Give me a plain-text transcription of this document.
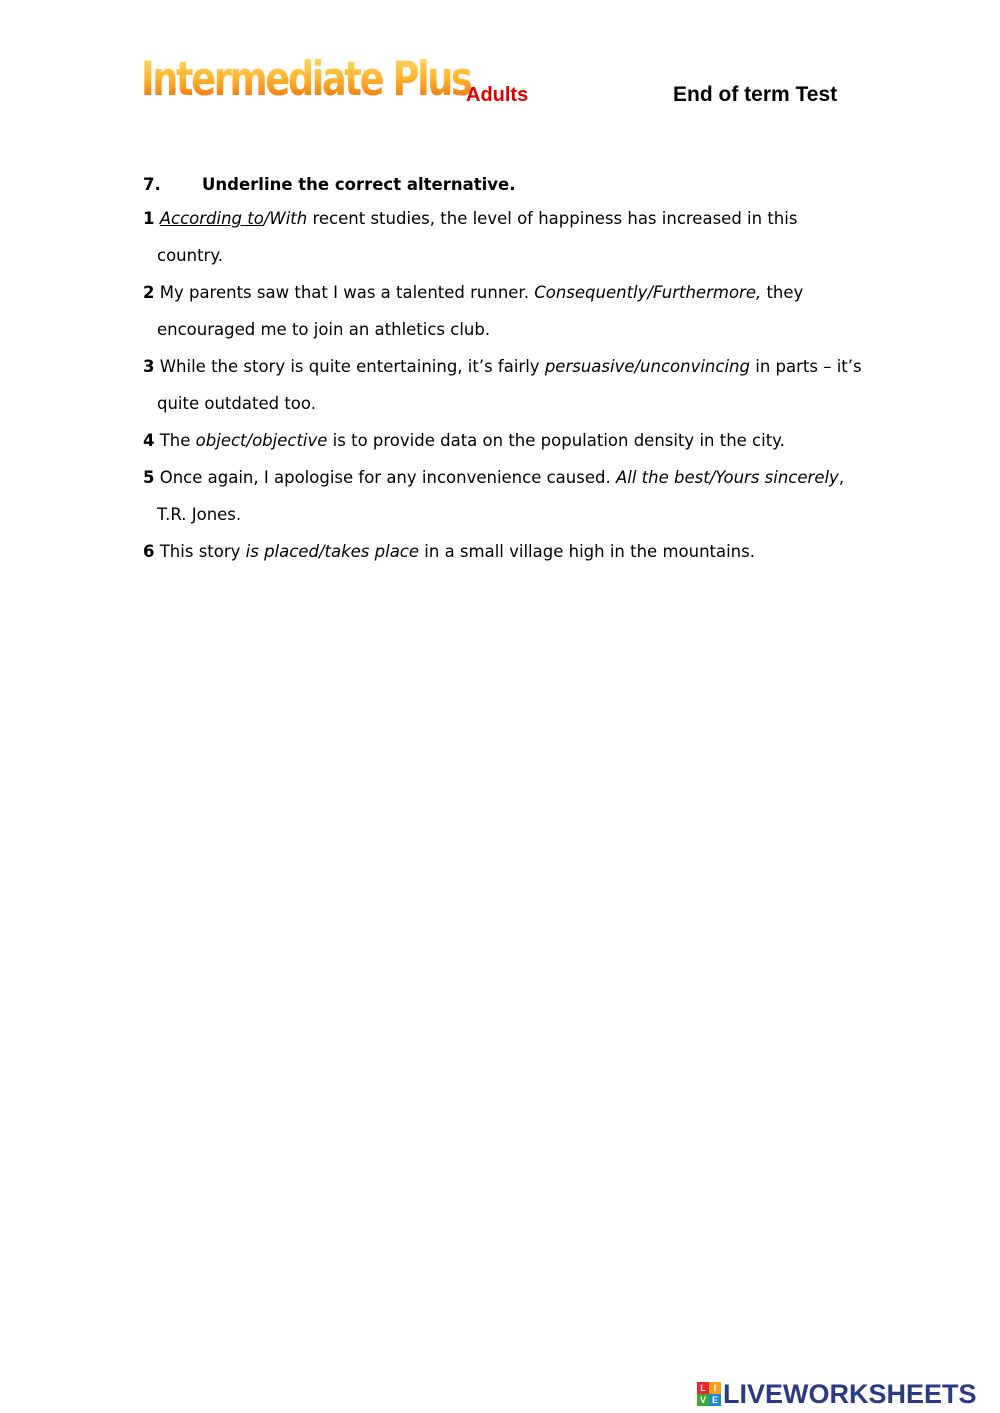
Intermediate Plus
Adults	End of term Test
7.	Underline the correct alternative.
1 According to/With recent studies, the level of happiness has increased in this
country.
2 My parents saw that I was a talented runner. Consequently/Furthermore, they
encouraged me to join an athletics club.
3 While the story is quite entertaining, it’s fairly persuasive/unconvincing in parts – it’s
quite outdated too.
4 The object/objective is to provide data on the population density in the city.
5 Once again, I apologise for any inconvenience caused. All the best/Yours sincerely,
T.R. Jones.
6 This story is placed/takes place in a small village high in the mountains.
L I
V E LIVEWORKSHEETS
